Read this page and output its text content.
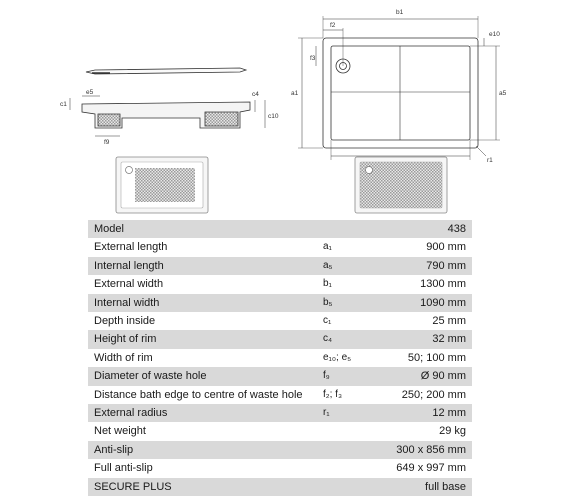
b1
f2
e10
f3
a1	a5
r1
e5
c1
c4
c10
f9
Model		438
External length	a₁	900 mm
Internal length	a₅	790 mm
External width	b₁	1300 mm
Internal width	b₅	1090 mm
Depth inside	c₁	25 mm
Height of rim	c₄	32 mm
Width of rim	e₁₀; e₅	50; 100 mm
Diameter of waste hole	f₉	Ø 90 mm
Distance bath edge to centre of waste hole	f₂; f₃	250; 200 mm
External radius	r₁	12 mm
Net weight		29 kg
Anti-slip		300 x 856 mm
Full anti-slip		649 x 997 mm
SECURE PLUS		full base
